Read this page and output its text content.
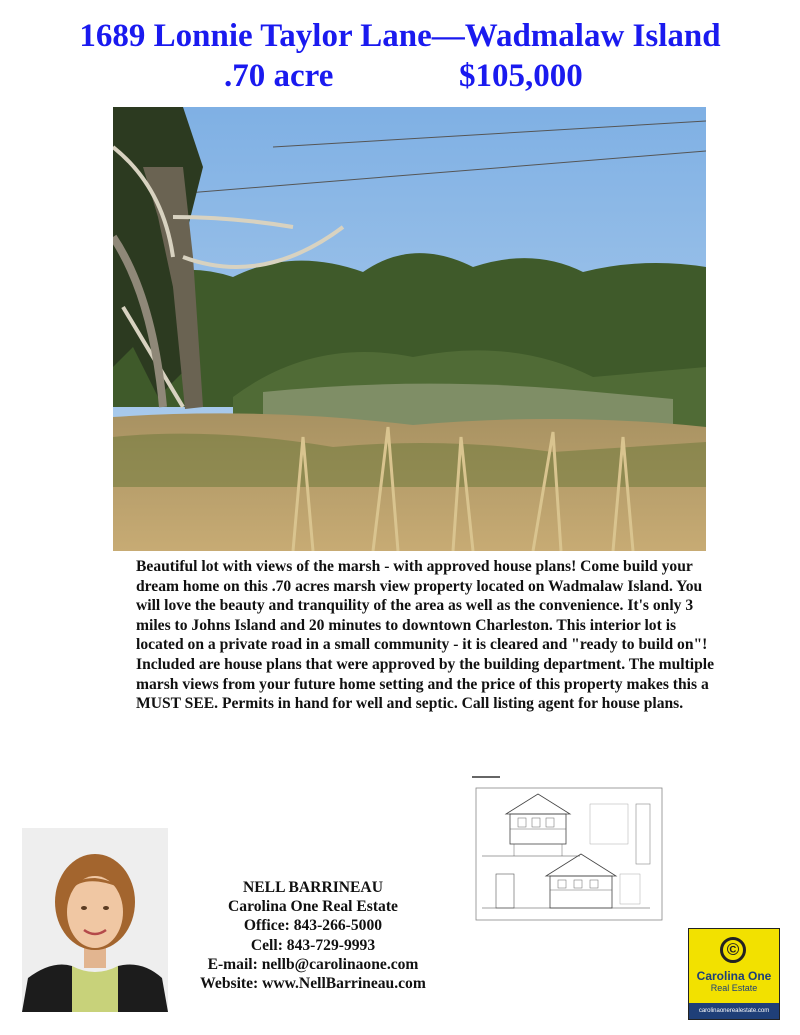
1689 Lonnie Taylor Lane—Wadmalaw Island
.70 acre	$105,000

Beautiful lot with views of the marsh - with approved house plans! Come build your dream home on this .70 acres marsh view property located on Wadmalaw Island. You will love the beauty and tranquility of the area as well as the convenience. It's only 3 miles to Johns Island and 20 minutes to downtown Charleston. This interior lot is located on a private road in a small community - it is cleared and "ready to build on"! Included are house plans that were approved by the building department. The multiple marsh views from your future home setting and the price of this property makes this a MUST SEE. Permits in hand for well and septic. Call listing agent for house plans.

NELL BARRINEAU
Carolina One Real Estate
Office: 843-266-5000
Cell: 843-729-9993
E-mail: nellb@carolinaone.com
Website: www.NellBarrineau.com
©
Carolina One
Real Estate
carolinaonerealestate.com
